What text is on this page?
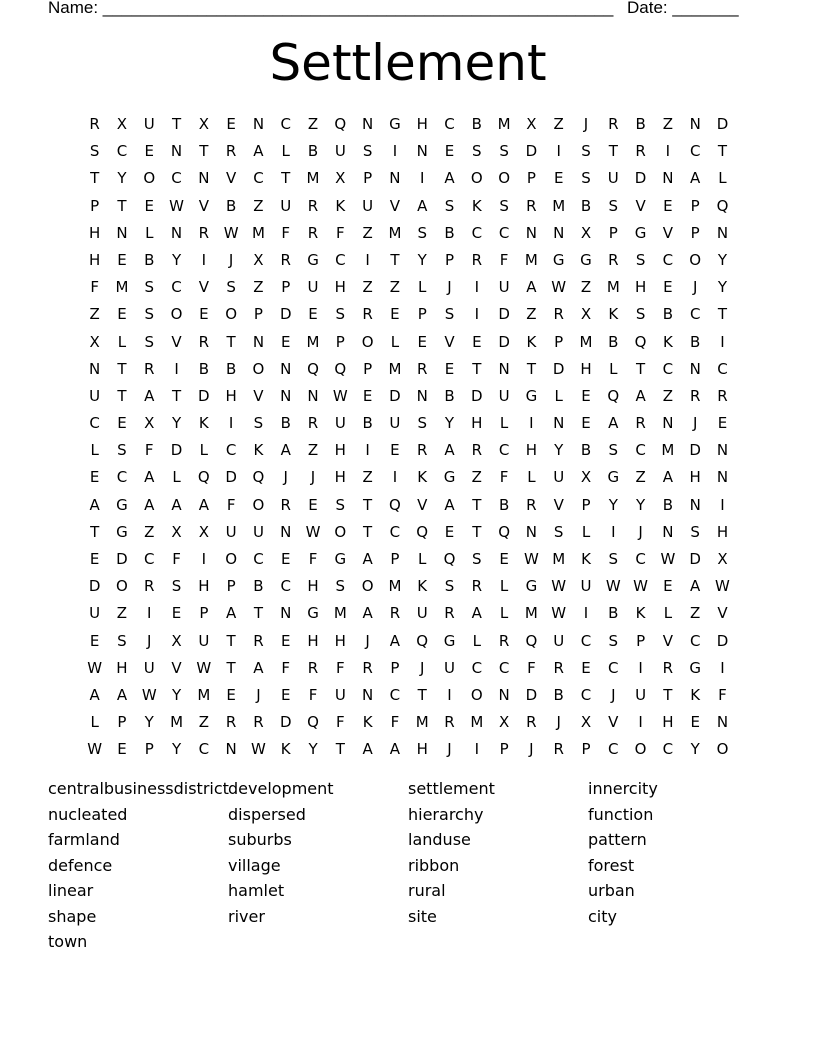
Name: ______________________________________________________ Date: _______
Settlement
R	X	U	T	X	E	N	C	Z	Q	N	G	H	C	B	M	X	Z	J	R	B	Z	N	D
S	C	E	N	T	R	A	L	B	U	S	I	N	E	S	S	D	I	S	T	R	I	C	T
T	Y	O	C	N	V	C	T	M	X	P	N	I	A	O	O	P	E	S	U	D	N	A	L
P	T	E	W V	B	Z	U	R	K	U	V	A	S	K	S	R	M	B	S	V	E	P	Q
H	N	L	N	R W M	F	R	F	Z	M	S	B	C	C	N	N	X	P	G	V	P	N
H	E	B	Y	I	J	X	R	G	C	I	T	Y	P	R	F	M	G	G	R	S	C	O	Y
F	M	S	C	V	S	Z	P	U	H	Z	Z	L	J	I	U	A W Z	M	H	E	J	Y
Z	E	S	O	E	O	P	D	E	S	R	E	P	S	I	D	Z	R	X	K	S	B	C	T
X	L	S	V	R	T	N	E	M	P	O	L	E	V	E	D	K	P	M	B	Q	K	B	I
N	T	R	I	B	B	O	N	Q	Q	P	M	R	E	T	N	T	D	H	L	T	C	N	C
U	T	A	T	D	H	V	N	N W	E	D	N	B	D	U	G	L	E	Q	A	Z	R	R
C	E	X	Y	K	I	S	B	R	U	B	U	S	Y	H	L	I	N	E	A	R	N	J	E
L	S	F	D	L	C	K	A	Z	H	I	E	R	A	R	C	H	Y	B	S	C	M	D	N
E	C	A	L	Q	D	Q	J	J	H	Z	I	K	G	Z	F	L	U	X	G	Z	A	H	N
A	G	A	A	A	F	O	R	E	S	T	Q	V	A	T	B	R	V	P	Y	Y	B	N	I
T	G	Z	X	X	U	U	N W O	T	C	Q	E	T	Q	N	S	L	I	J	N	S	H
E	D	C	F	I	O	C	E	F	G	A	P	L	Q	S	E	W M	K	S	C W D	X
D	O	R	S	H	P	B	C	H	S	O M	K	S	R	L	G W U W W	E	A W
U	Z	I	E	P	A	T	N	G	M	A	R	U	R	A	L	M W	I	B	K	L	Z	V
E	S	J	X	U	T	R	E	H	H	J	A	Q	G	L	R	Q	U	C	S	P	V	C	D
W H	U	V W	T	A	F	R	F	R	P	J	U	C	C	F	R	E	C	I	R	G	I
A	A W	Y	M	E	J	E	F	U	N	C	T	I	O	N	D	B	C	J	U	T	K	F
L	P	Y	M	Z	R	R	D	Q	F	K	F	M	R	M	X	R	J	X	V	I	H	E	N
W	E	P	Y	C	N W K	Y	T	A	A	H	J	I	P	J	R	P	C	O	C	Y	O
centralbusinessdistrict development	settlement	innercity
nucleated	dispersed	hierarchy	function
farmland	suburbs	landuse	pattern
defence	village	ribbon	forest
linear	hamlet	rural	urban
shape	river	site	city
town
